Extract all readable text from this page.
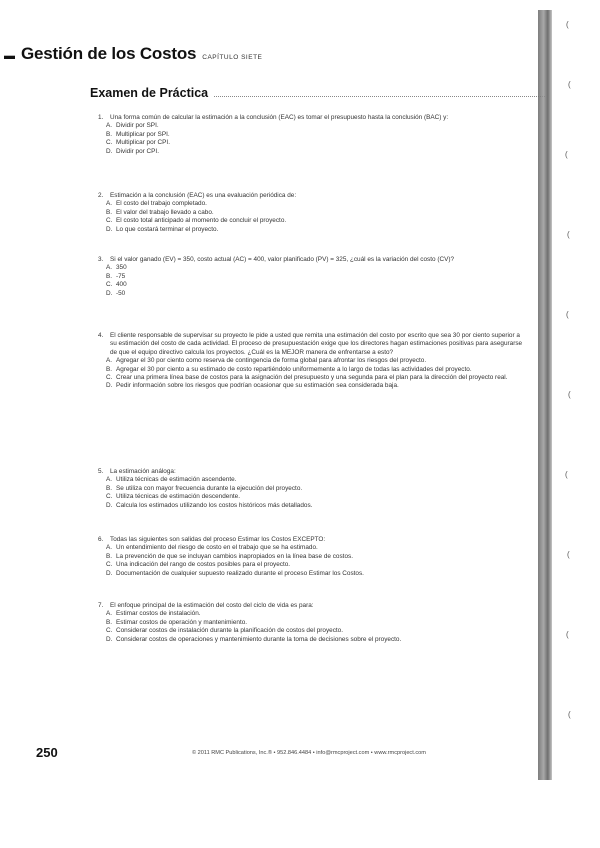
▬ Gestión de los Costos CAPÍTULO SIETE
Examen de Práctica
1.	Una forma común de calcular la estimación a la conclusión (EAC) es tomar el presupuesto hasta la conclusión (BAC) y:
A. Dividir por SPI.
B. Multiplicar por SPI.
C. Multiplicar por CPI.
D. Dividir por CPI.
2.	Estimación a la conclusión (EAC) es una evaluación periódica de:
A. El costo del trabajo completado.
B. El valor del trabajo llevado a cabo.
C. El costo total anticipado al momento de concluir el proyecto.
D. Lo que costará terminar el proyecto.
3.	Si el valor ganado (EV) = 350, costo actual (AC) = 400, valor planificado (PV) = 325, ¿cuál es la variación del costo (CV)?
A. 350
B. -75
C. 400
D. -50
4.	El cliente responsable de supervisar su proyecto le pide a usted que remita una estimación del costo por escrito que sea 30 por ciento superior a su estimación del costo de cada actividad. El proceso de presupuestación exige que los directores hagan estimaciones positivas para asegurarse de que el equipo directivo calcula los proyectos. ¿Cuál es la MEJOR manera de enfrentarse a esto?
A. Agregar el 30 por ciento como reserva de contingencia de forma global para afrontar los riesgos del proyecto.
B. Agregar el 30 por ciento a su estimado de costo repartiéndolo uniformemente a lo largo de todas las actividades del proyecto.
C. Crear una primera línea base de costos para la asignación del presupuesto y una segunda para el plan para la dirección del proyecto real.
D. Pedir información sobre los riesgos que podrían ocasionar que su estimación sea considerada baja.
5.	La estimación análoga:
A. Utiliza técnicas de estimación ascendente.
B. Se utiliza con mayor frecuencia durante la ejecución del proyecto.
C. Utiliza técnicas de estimación descendente.
D. Calcula los estimados utilizando los costos históricos más detallados.
6.	Todas las siguientes son salidas del proceso Estimar los Costos EXCEPTO:
A. Un entendimiento del riesgo de costo en el trabajo que se ha estimado.
B. La prevención de que se incluyan cambios inapropiados en la línea base de costos.
C. Una indicación del rango de costos posibles para el proyecto.
D. Documentación de cualquier supuesto realizado durante el proceso Estimar los Costos.
7.	El enfoque principal de la estimación del costo del ciclo de vida es para:
A. Estimar costos de instalación.
B. Estimar costos de operación y mantenimiento.
C. Considerar costos de instalación durante la planificación de costos del proyecto.
D. Considerar costos de operaciones y mantenimiento durante la toma de decisiones sobre el proyecto.
250	© 2011 RMC Publications, Inc.® • 952.846.4484 • info@rmcproject.com • www.rmcproject.com
(
(
(
(
(
(
(
(
(
(
